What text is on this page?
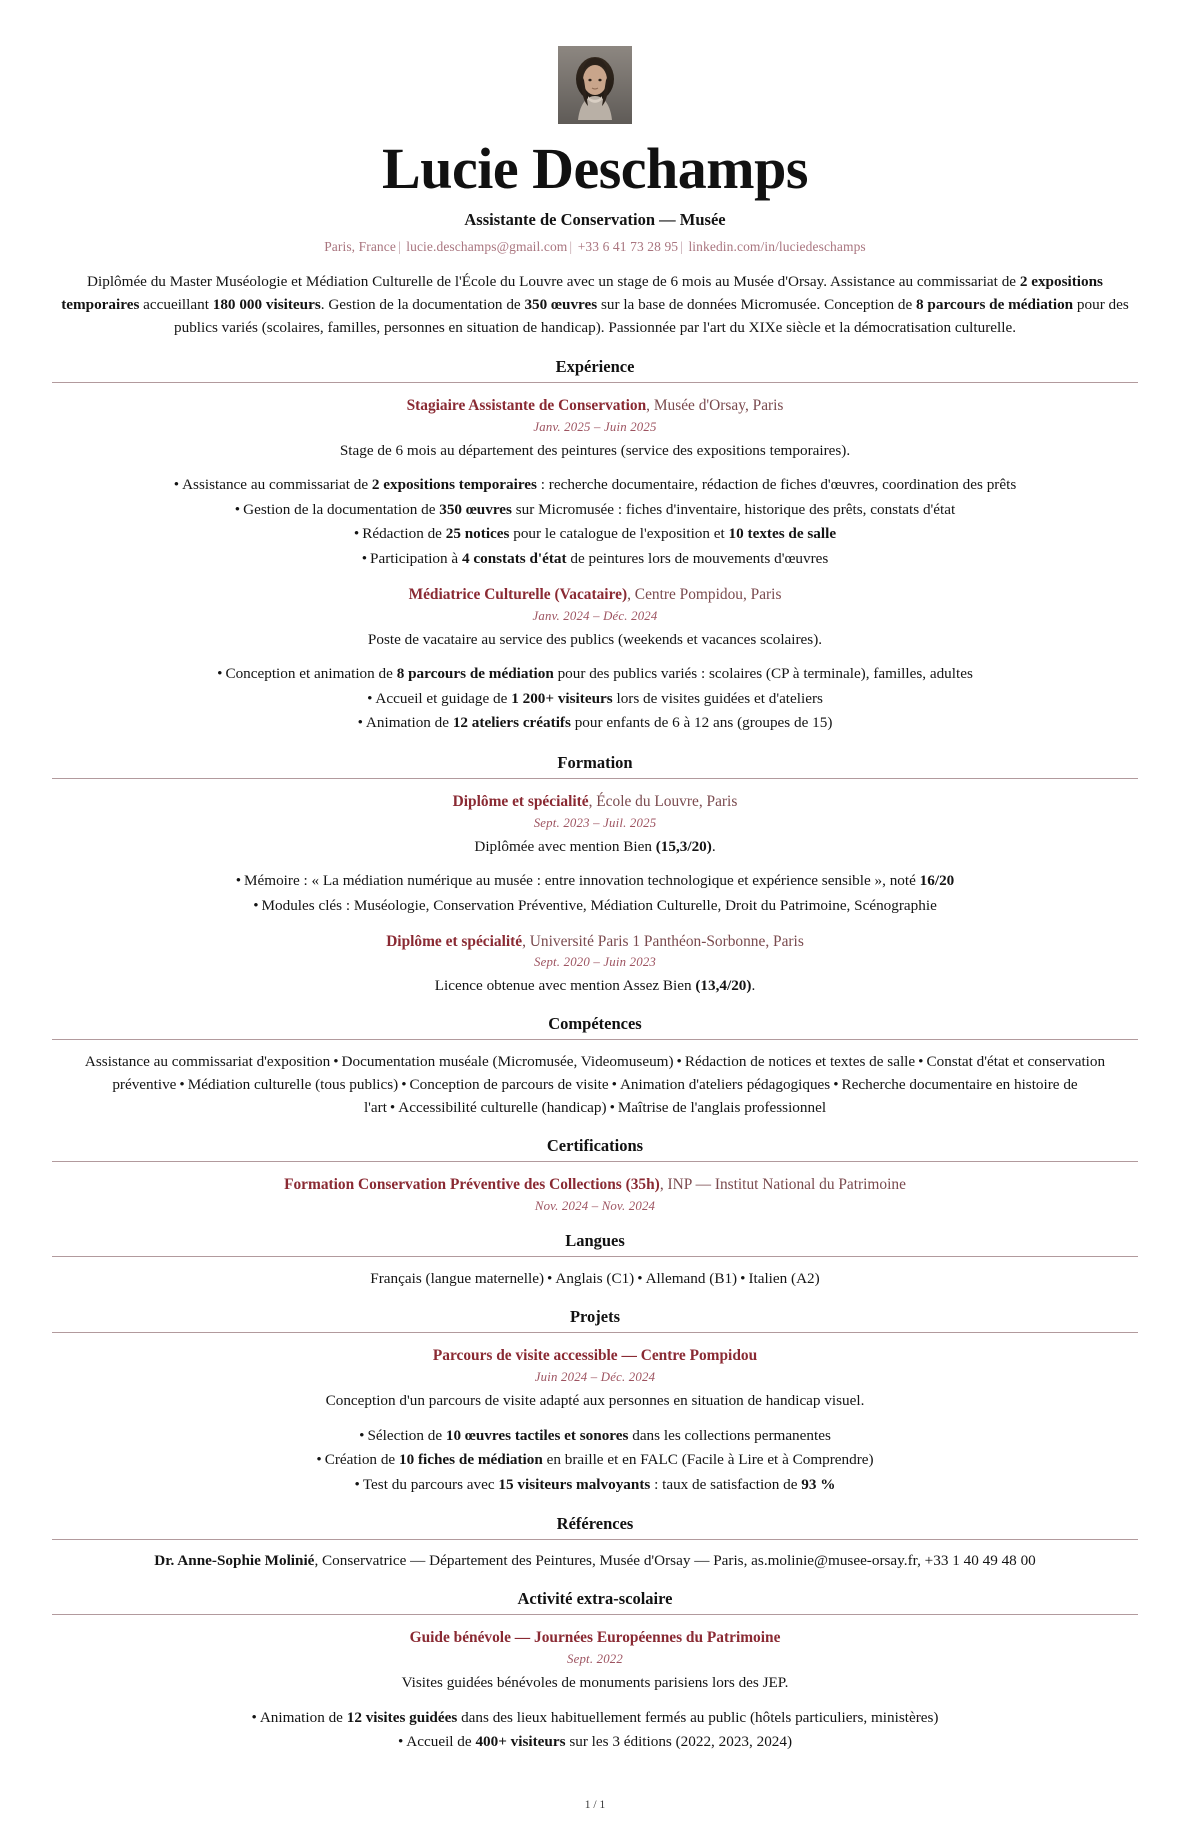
Lucie Deschamps
Assistante de Conservation — Musée
Paris, France | lucie.deschamps@gmail.com | +33 6 41 73 28 95 | linkedin.com/in/luciedeschamps
Diplômée du Master Muséologie et Médiation Culturelle de l'École du Louvre avec un stage de 6 mois au Musée d'Orsay. Assistance au commissariat de 2 expositions temporaires accueillant 180 000 visiteurs. Gestion de la documentation de 350 œuvres sur la base de données Micromusée. Conception de 8 parcours de médiation pour des publics variés (scolaires, familles, personnes en situation de handicap). Passionnée par l'art du XIXe siècle et la démocratisation culturelle.
Expérience
Stagiaire Assistante de Conservation, Musée d'Orsay, Paris
Janv. 2025 – Juin 2025
Stage de 6 mois au département des peintures (service des expositions temporaires).
• Assistance au commissariat de 2 expositions temporaires : recherche documentaire, rédaction de fiches d'œuvres, coordination des prêts
• Gestion de la documentation de 350 œuvres sur Micromusée : fiches d'inventaire, historique des prêts, constats d'état
• Rédaction de 25 notices pour le catalogue de l'exposition et 10 textes de salle
• Participation à 4 constats d'état de peintures lors de mouvements d'œuvres
Médiatrice Culturelle (Vacataire), Centre Pompidou, Paris
Janv. 2024 – Déc. 2024
Poste de vacataire au service des publics (weekends et vacances scolaires).
• Conception et animation de 8 parcours de médiation pour des publics variés : scolaires (CP à terminale), familles, adultes
• Accueil et guidage de 1 200+ visiteurs lors de visites guidées et d'ateliers
• Animation de 12 ateliers créatifs pour enfants de 6 à 12 ans (groupes de 15)
Formation
Diplôme et spécialité, École du Louvre, Paris
Sept. 2023 – Juil. 2025
Diplômée avec mention Bien (15,3/20).
• Mémoire : « La médiation numérique au musée : entre innovation technologique et expérience sensible », noté 16/20
• Modules clés : Muséologie, Conservation Préventive, Médiation Culturelle, Droit du Patrimoine, Scénographie
Diplôme et spécialité, Université Paris 1 Panthéon-Sorbonne, Paris
Sept. 2020 – Juin 2023
Licence obtenue avec mention Assez Bien (13,4/20).
Compétences
Assistance au commissariat d'exposition • Documentation muséale (Micromusée, Videomuseum) • Rédaction de notices et textes de salle • Constat d'état et conservation préventive • Médiation culturelle (tous publics) • Conception de parcours de visite • Animation d'ateliers pédagogiques • Recherche documentaire en histoire de l'art • Accessibilité culturelle (handicap) • Maîtrise de l'anglais professionnel
Certifications
Formation Conservation Préventive des Collections (35h), INP — Institut National du Patrimoine
Nov. 2024 – Nov. 2024
Langues
Français (langue maternelle) • Anglais (C1) • Allemand (B1) • Italien (A2)
Projets
Parcours de visite accessible — Centre Pompidou
Juin 2024 – Déc. 2024
Conception d'un parcours de visite adapté aux personnes en situation de handicap visuel.
• Sélection de 10 œuvres tactiles et sonores dans les collections permanentes
• Création de 10 fiches de médiation en braille et en FALC (Facile à Lire et à Comprendre)
• Test du parcours avec 15 visiteurs malvoyants : taux de satisfaction de 93 %
Références
Dr. Anne-Sophie Molinié, Conservatrice — Département des Peintures, Musée d'Orsay — Paris, as.molinie@musee-orsay.fr, +33 1 40 49 48 00
Activité extra-scolaire
Guide bénévole — Journées Européennes du Patrimoine
Sept. 2022
Visites guidées bénévoles de monuments parisiens lors des JEP.
• Animation de 12 visites guidées dans des lieux habituellement fermés au public (hôtels particuliers, ministères)
• Accueil de 400+ visiteurs sur les 3 éditions (2022, 2023, 2024)
1 / 1
